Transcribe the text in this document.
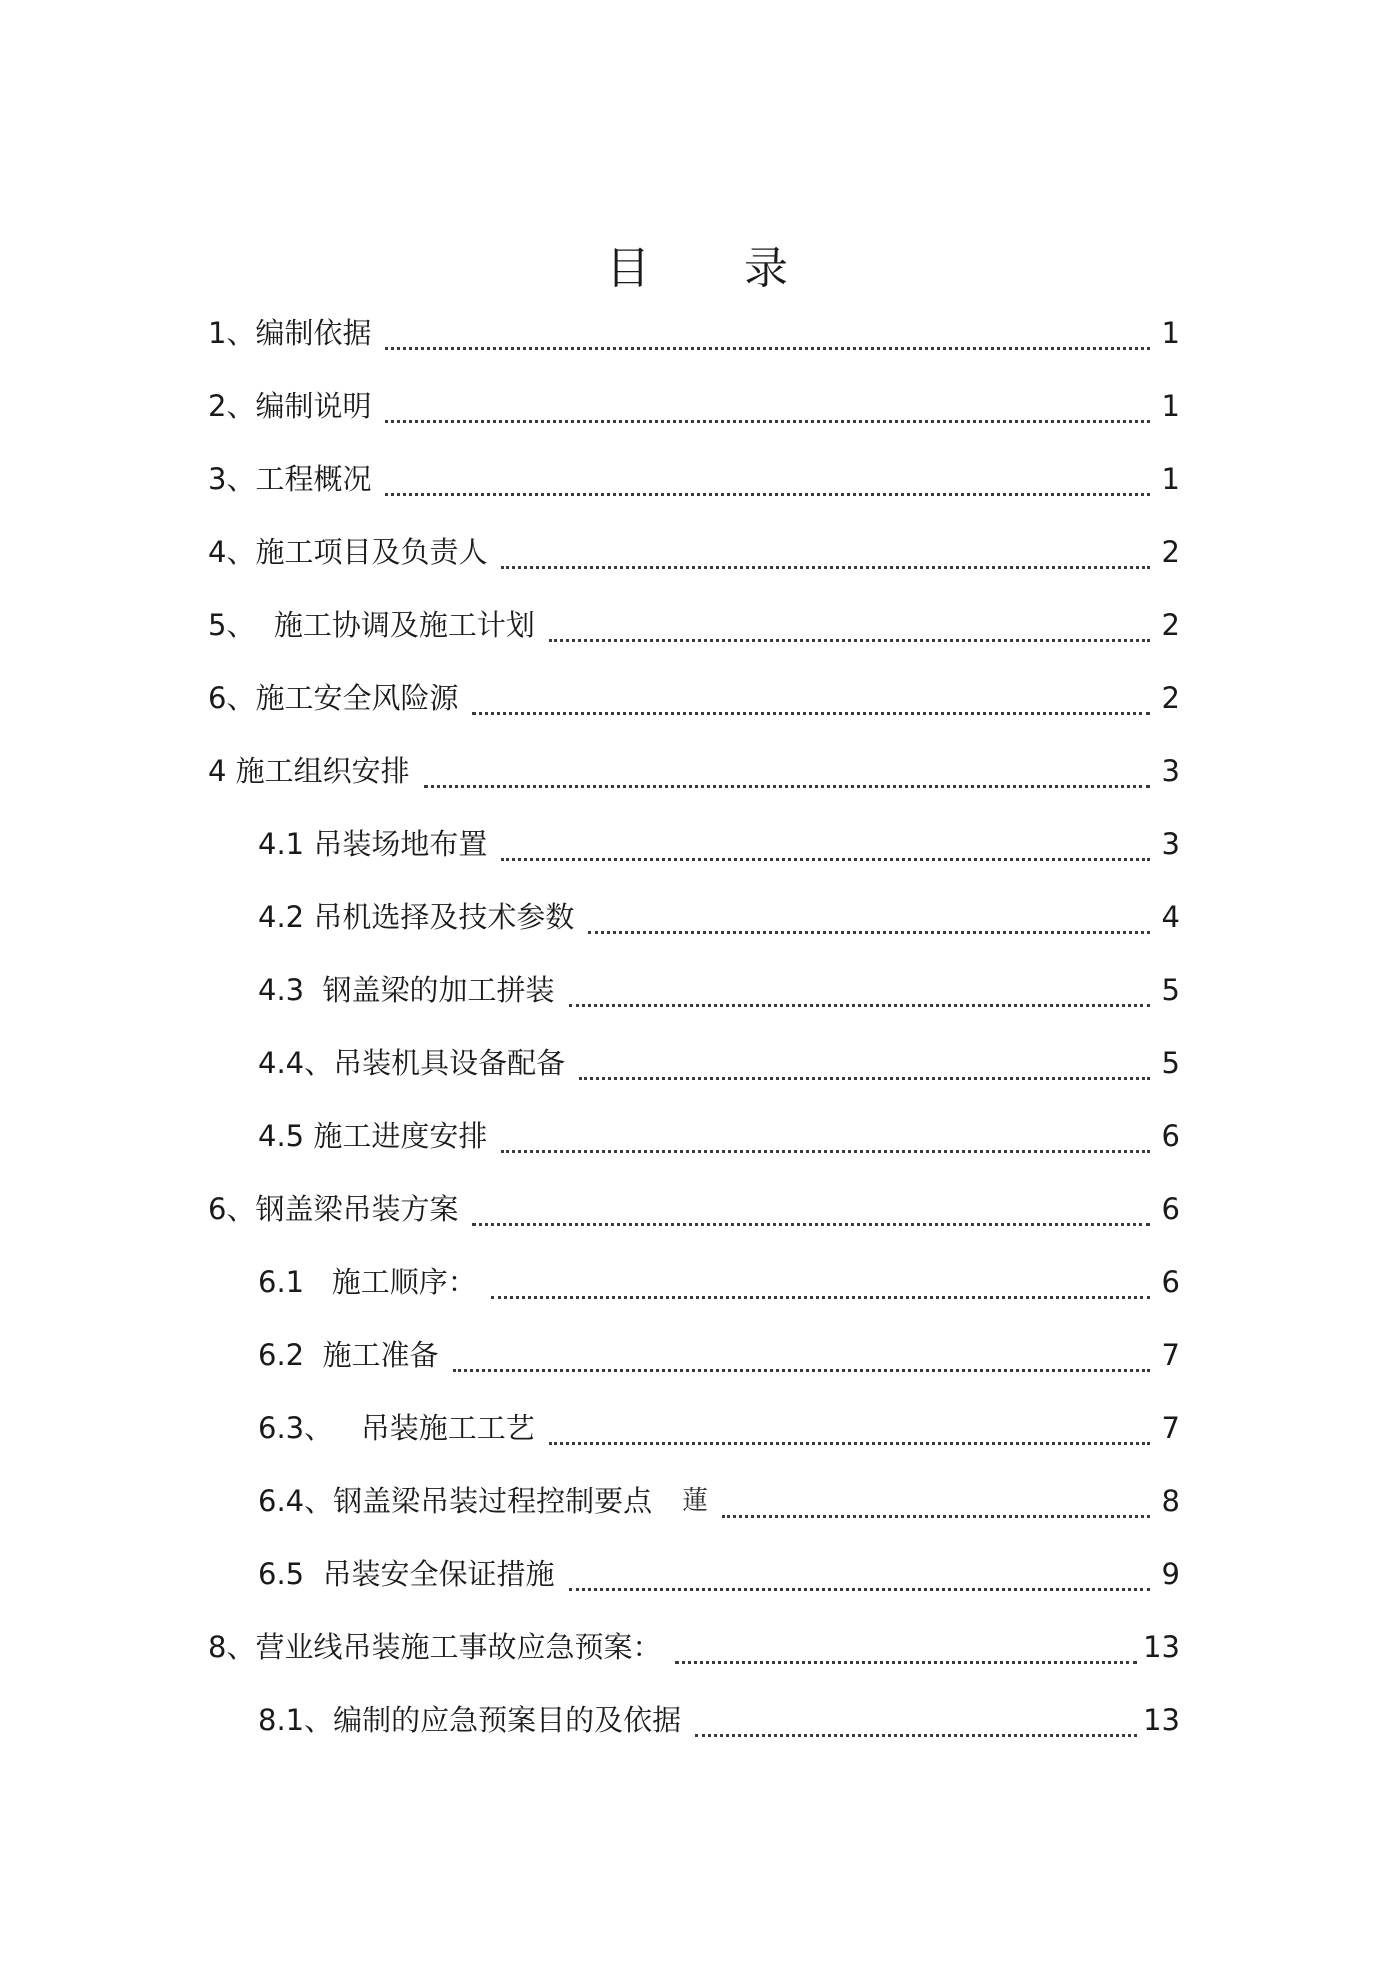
目 录
1、编制依据	1
2、编制说明	1
3、工程概况	1
4、施工项目及负责人	2
5、  施工协调及施工计划	2
6、施工安全风险源	2
4 施工组织安排	3
4.1 吊装场地布置	3
4.2 吊机选择及技术参数	4
4.3  钢盖梁的加工拼装	5
4.4、吊装机具设备配备	5
4.5 施工进度安排	6
6、钢盖梁吊装方案	6
6.1   施工顺序：	6
6.2  施工准备	7
6.3、   吊装施工工艺	7
6.4、钢盖梁吊装过程控制要点 蓮	8
6.5  吊装安全保证措施	9
8、营业线吊装施工事故应急预案：	13
8.1、编制的应急预案目的及依据	13
